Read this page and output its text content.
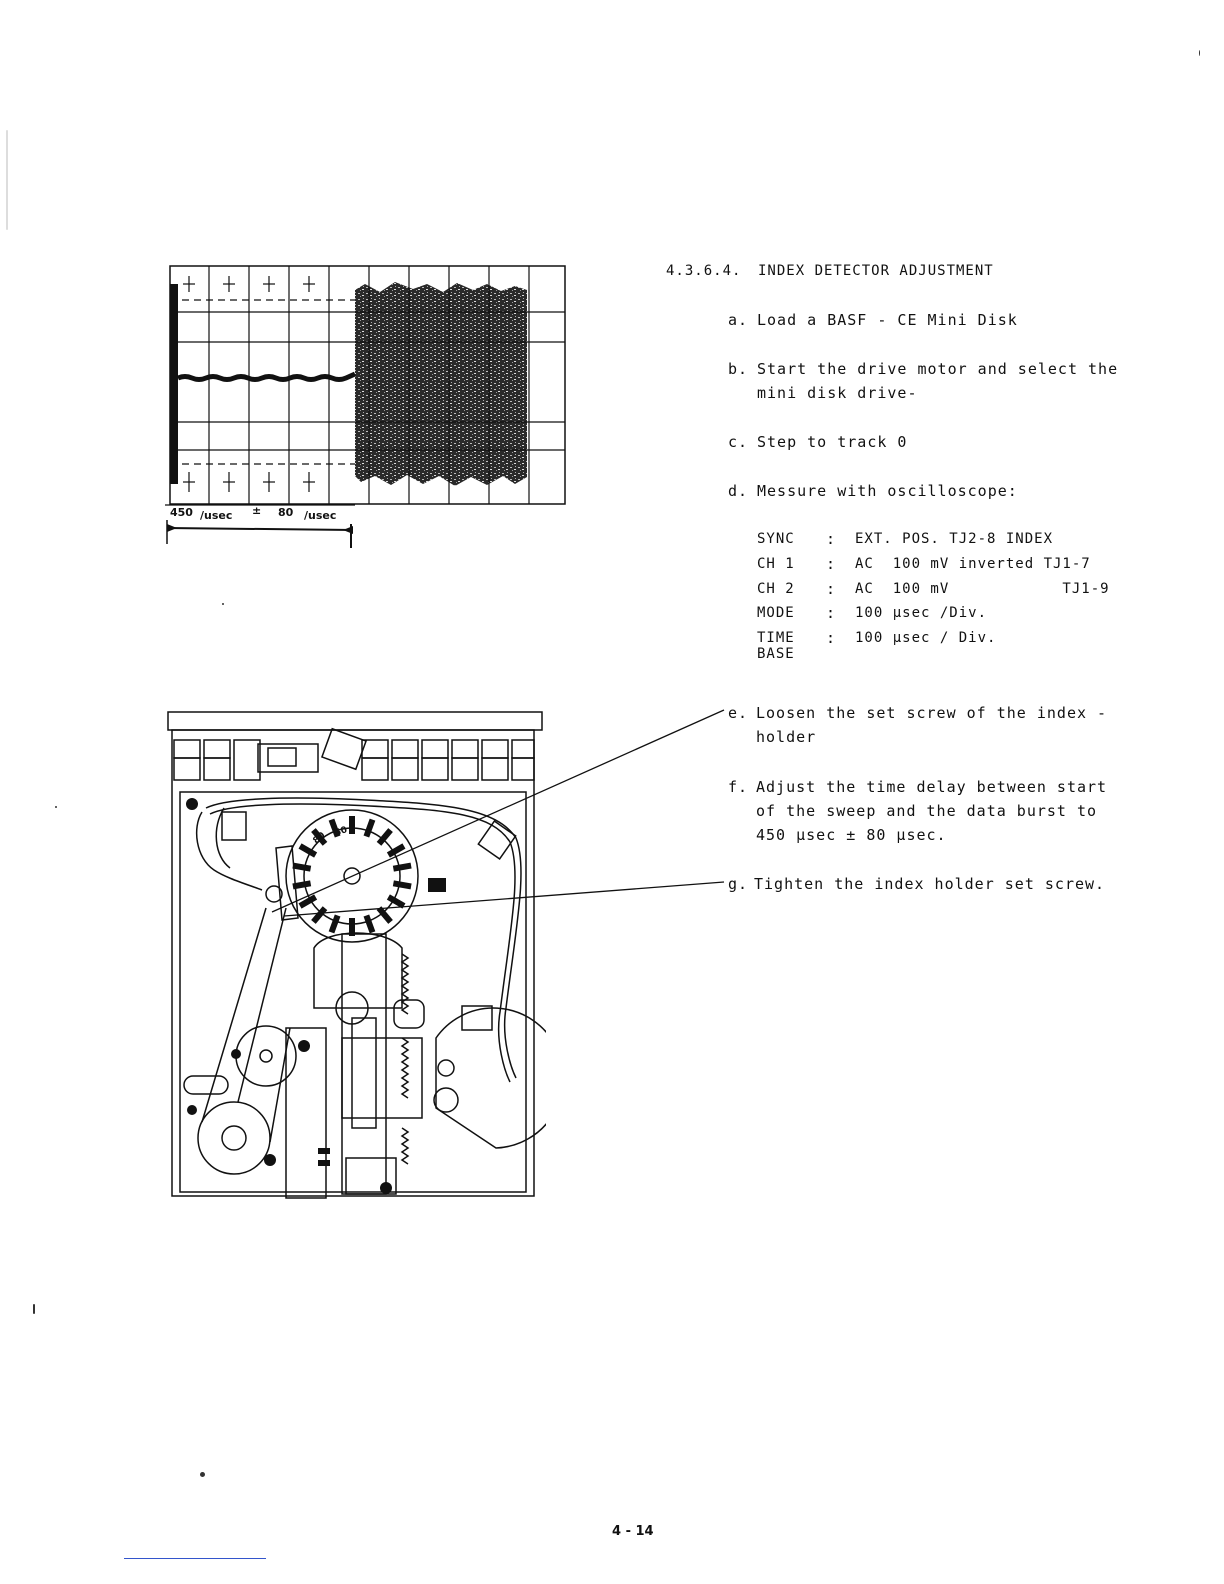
450 /usec ± 80 /usec
80 50
4.3.6.4. INDEX DETECTOR ADJUSTMENT
a. Load a BASF - CE Mini Disk
b. Start the drive motor and select the
mini disk drive-
c. Step to track 0
d. Messure with oscilloscope:
SYNC : EXT. POS. TJ2-8 INDEX
CH 1 : AC  100 mV inverted TJ1-7
CH 2 : AC  100 mV            TJ1-9
MODE : 100 µsec /Div.
TIME
BASE
: 100 µsec / Div.
e. Loosen the set screw of the index -
holder
f. Adjust the time delay between start
of the sweep and the data burst to
450 µsec ± 80 µsec.
g. Tighten the index holder set screw.
4 - 14
